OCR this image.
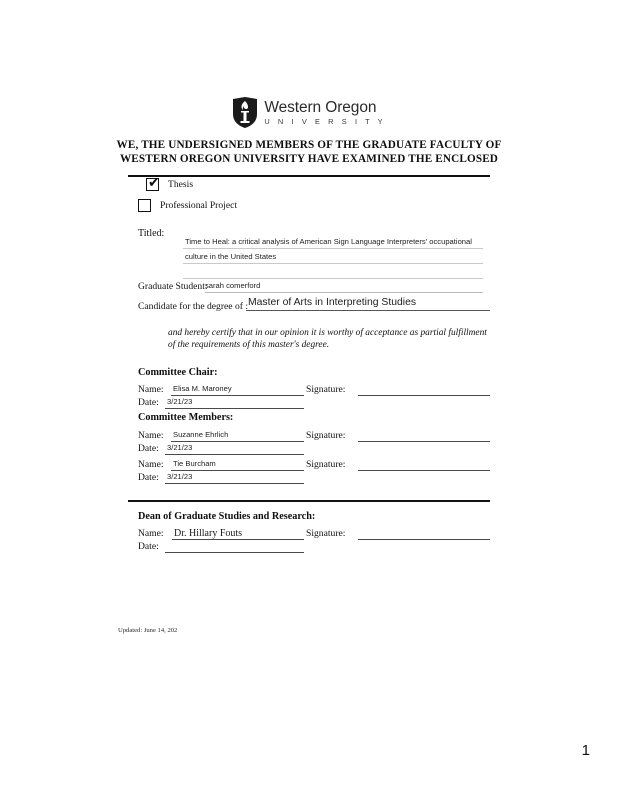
Western Oregon
U N I V E R S I T Y
WE, THE UNDERSIGNED MEMBERS OF THE GRADUATE FACULTY OF
WESTERN OREGON UNIVERSITY HAVE EXAMINED THE ENCLOSED
✔ Thesis
Professional Project
Titled:
Time to Heal: a critical analysis of American Sign Language Interpreters' occupational
culture in the United States
Graduate Student:
sarah comerford
Candidate for the degree of : Master of Arts in Interpreting Studies
and hereby certify that in our opinion it is worthy of acceptance as partial fulfillment of the requirements of this master's degree.
Committee Chair:
Name: Elisa M. Maroney
Date: 3/21/23
Signature:
Committee Members:
Name: Suzanne Ehrlich
Date: 3/21/23
Signature:
Name: Tie Burcham
Date: 3/21/23
Signature:
Dean of Graduate Studies and Research:
Name: Dr. Hillary Fouts
Date:
Signature:
Updated: June 14, 202
1
